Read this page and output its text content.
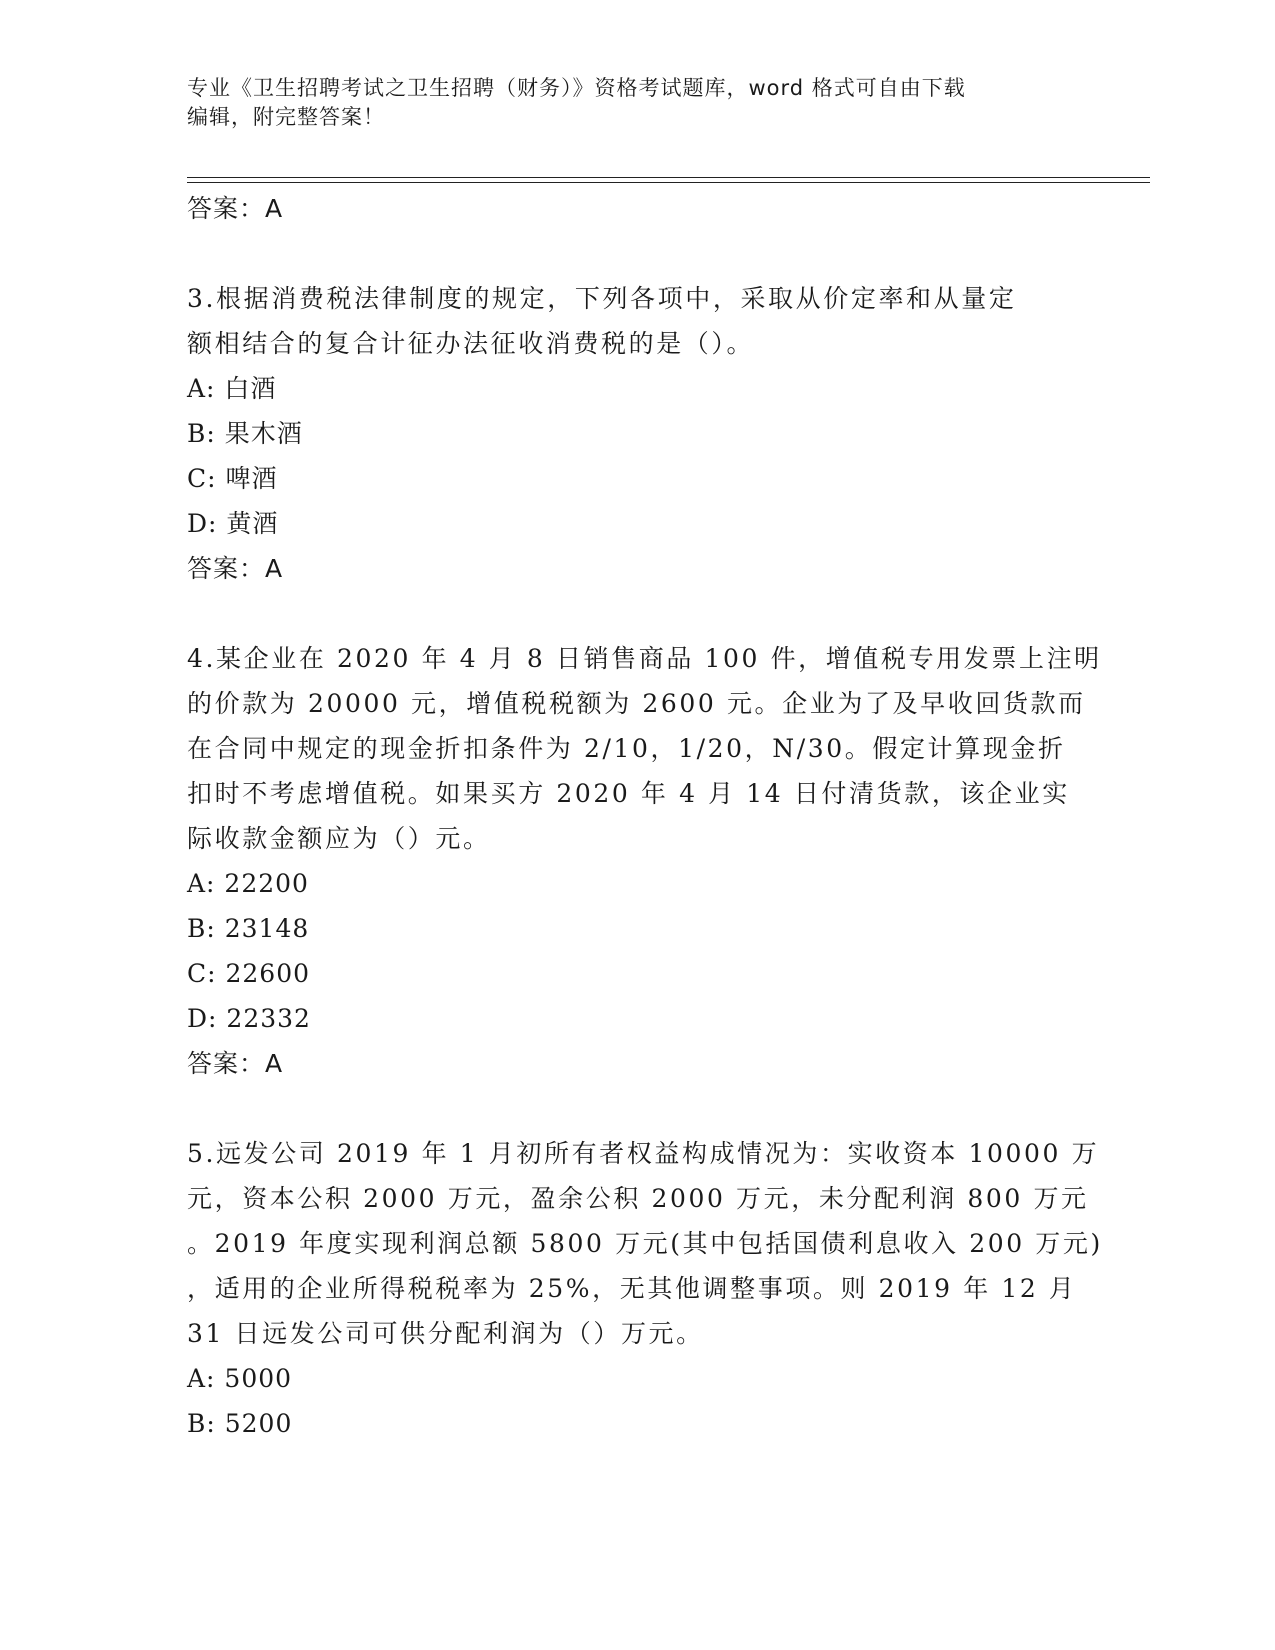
专业《卫生招聘考试之卫生招聘（财务）》资格考试题库，word 格式可自由下载
编辑，附完整答案！

答案：A

3.根据消费税法律制度的规定，下列各项中，采取从价定率和从量定

额相结合的复合计征办法征收消费税的是（）。

A: 白酒

B: 果木酒

C: 啤酒

D: 黄酒

答案：A

4.某企业在 2020 年 4 月 8 日销售商品 100 件，增值税专用发票上注明

的价款为 20000 元，增值税税额为 2600 元。企业为了及早收回货款而

在合同中规定的现金折扣条件为 2/10，1/20，N/30。假定计算现金折

扣时不考虑增值税。如果买方 2020 年 4 月 14 日付清货款，该企业实

际收款金额应为（）元。

A: 22200

B: 23148

C: 22600

D: 22332

答案：A

5.远发公司 2019 年 1 月初所有者权益构成情况为：实收资本 10000 万

元，资本公积 2000 万元，盈余公积 2000 万元，未分配利润 800 万元

。2019 年度实现利润总额 5800 万元(其中包括国债利息收入 200 万元)

，适用的企业所得税税率为 25%，无其他调整事项。则 2019 年 12 月

31 日远发公司可供分配利润为（）万元。

A: 5000

B: 5200
